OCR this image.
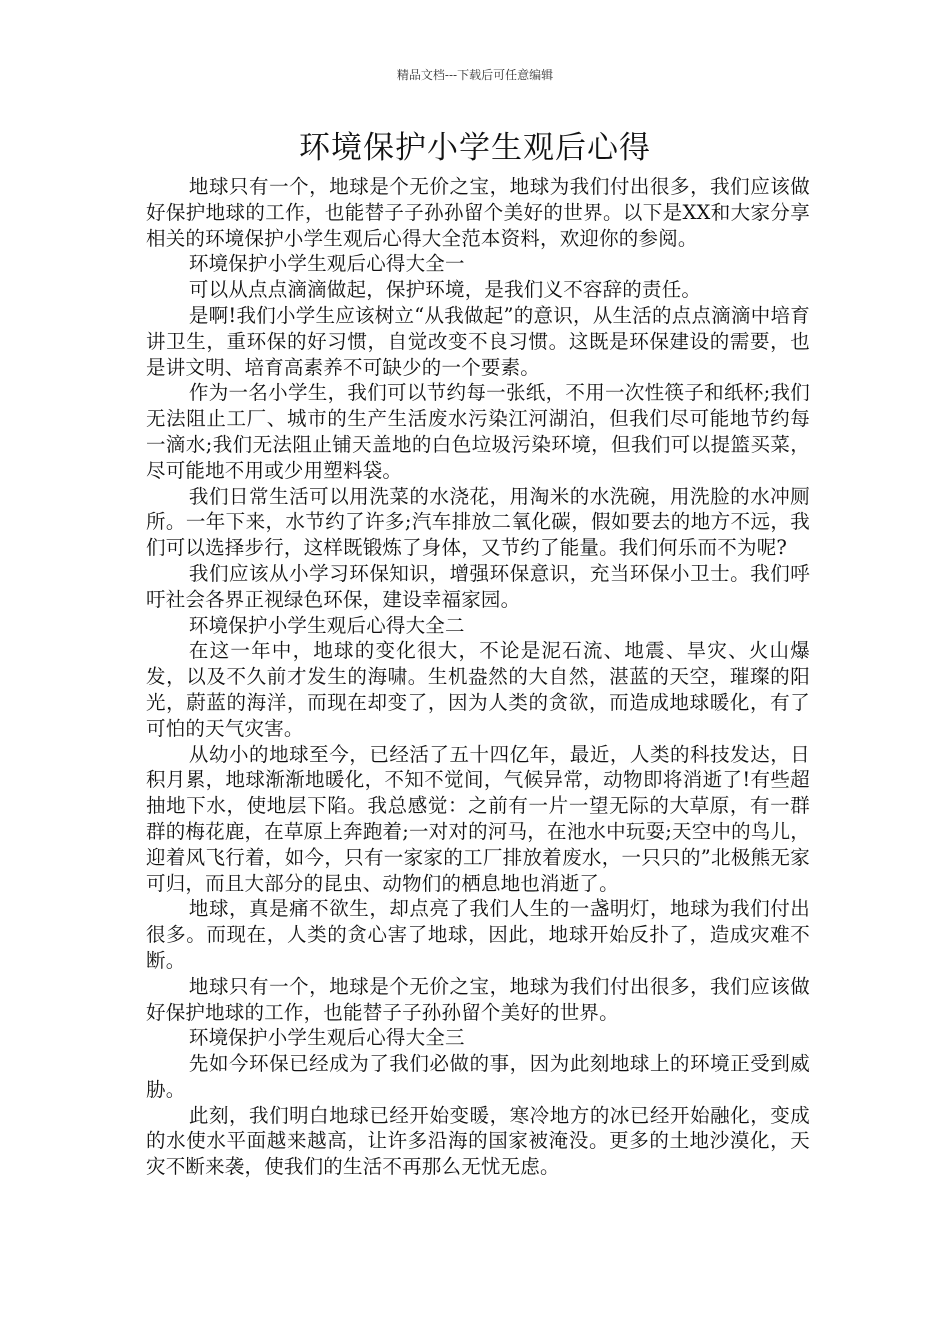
精品文档---下载后可任意编辑
环境保护小学生观后心得

地球只有一个，地球是个无价之宝，地球为我们付出很多，我们应该做好保护地球的工作，也能替子子孙孙留个美好的世界。以下是XX和大家分享相关的环境保护小学生观后心得大全范本资料，欢迎你的参阅。

环境保护小学生观后心得大全一

可以从点点滴滴做起，保护环境，是我们义不容辞的责任。

是啊!我们小学生应该树立“从我做起”的意识，从生活的点点滴滴中培育讲卫生，重环保的好习惯，自觉改变不良习惯。这既是环保建设的需要，也是讲文明、培育高素养不可缺少的一个要素。

作为一名小学生，我们可以节约每一张纸，不用一次性筷子和纸杯;我们无法阻止工厂、城市的生产生活废水污染江河湖泊，但我们尽可能地节约每一滴水;我们无法阻止铺天盖地的白色垃圾污染环境，但我们可以提篮买菜，尽可能地不用或少用塑料袋。

我们日常生活可以用洗菜的水浇花，用淘米的水洗碗，用洗脸的水冲厕所。一年下来，水节约了许多;汽车排放二氧化碳，假如要去的地方不远，我们可以选择步行，这样既锻炼了身体，又节约了能量。我们何乐而不为呢?

我们应该从小学习环保知识，增强环保意识，充当环保小卫士。我们呼吁社会各界正视绿色环保，建设幸福家园。

环境保护小学生观后心得大全二

在这一年中，地球的变化很大，不论是泥石流、地震、旱灾、火山爆发，以及不久前才发生的海啸。生机盎然的大自然，湛蓝的天空，璀璨的阳光，蔚蓝的海洋，而现在却变了，因为人类的贪欲，而造成地球暖化，有了可怕的天气灾害。

从幼小的地球至今，已经活了五十四亿年，最近，人类的科技发达，日积月累，地球渐渐地暖化，不知不觉间，气候异常，动物即将消逝了!有些超抽地下水，使地层下陷。我总感觉：之前有一片一望无际的大草原，有一群群的梅花鹿，在草原上奔跑着;一对对的河马，在池水中玩耍;天空中的鸟儿，迎着风飞行着，如今，只有一家家的工厂排放着废水，一只只的”北极熊无家可归，而且大部分的昆虫、动物们的栖息地也消逝了。

地球，真是痛不欲生，却点亮了我们人生的一盏明灯，地球为我们付出很多。而现在，人类的贪心害了地球，因此，地球开始反扑了，造成灾难不断。

地球只有一个，地球是个无价之宝，地球为我们付出很多，我们应该做好保护地球的工作，也能替子子孙孙留个美好的世界。

环境保护小学生观后心得大全三

先如今环保已经成为了我们必做的事，因为此刻地球上的环境正受到威胁。

此刻，我们明白地球已经开始变暖，寒冷地方的冰已经开始融化，变成的水使水平面越来越高，让许多沿海的国家被淹没。更多的土地沙漠化，天灾不断来袭，使我们的生活不再那么无忧无虑。
